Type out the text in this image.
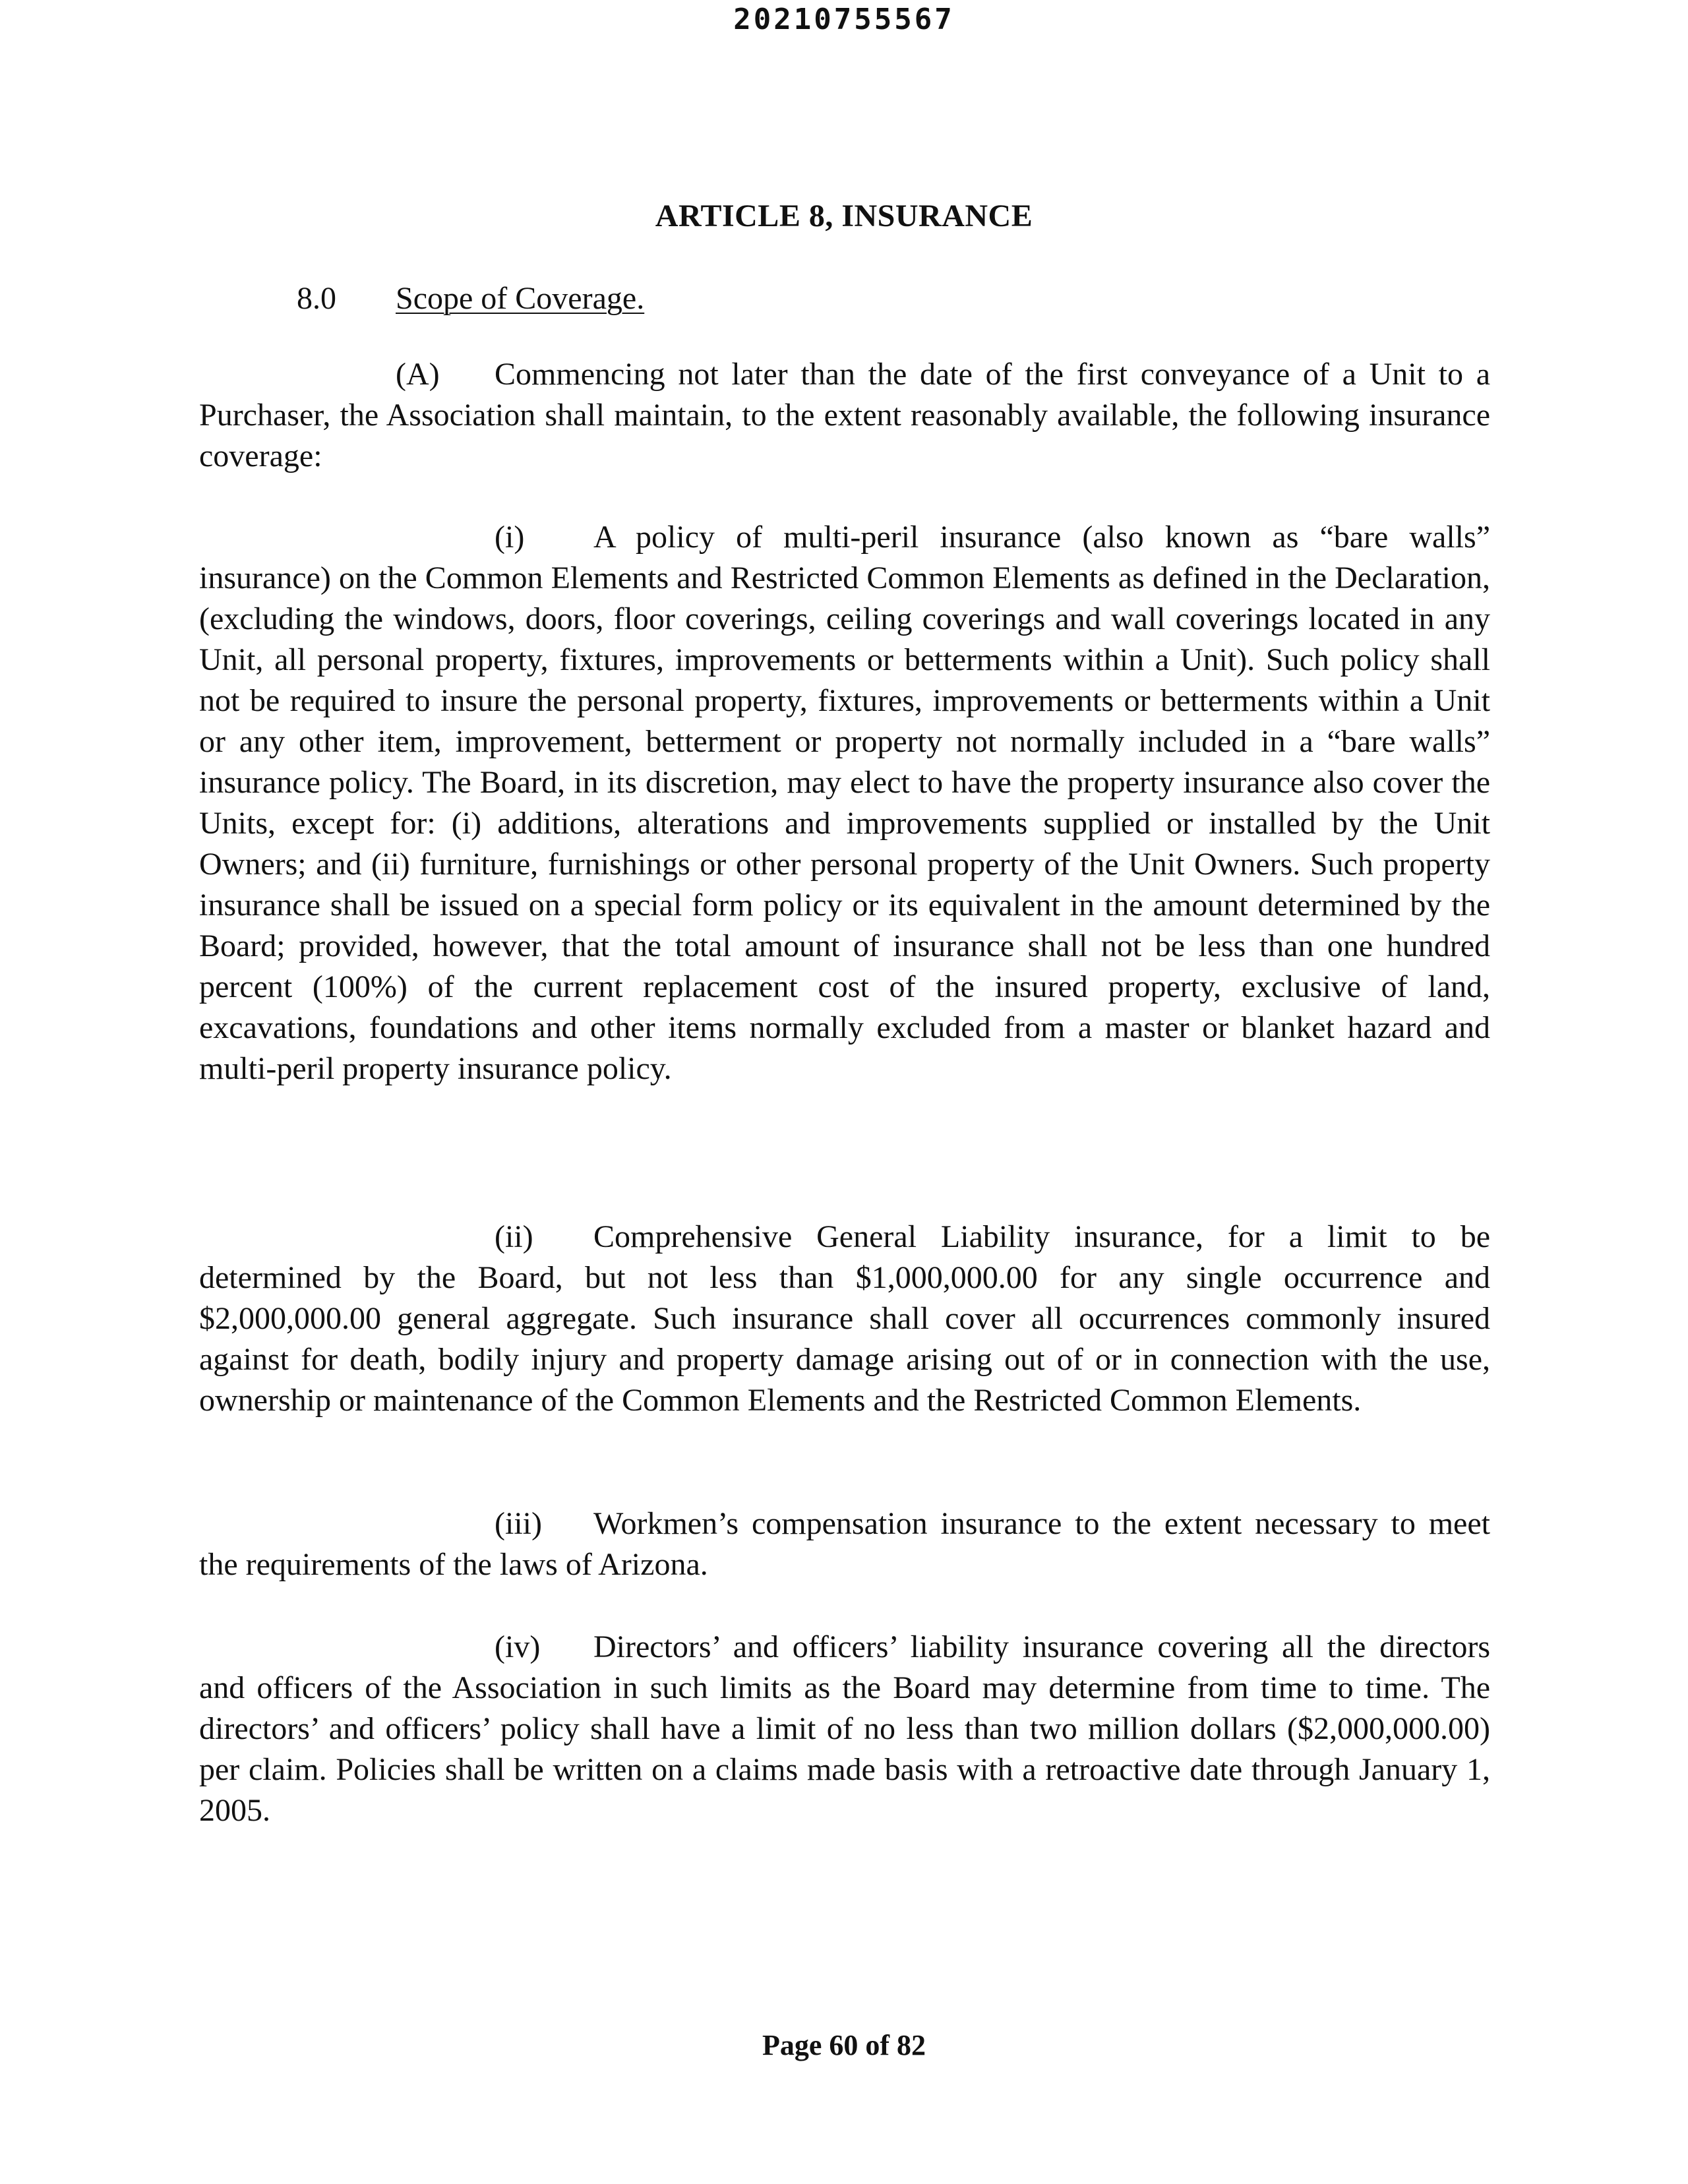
20210755567
ARTICLE 8, INSURANCE
8.0 Scope of Coverage.
(A) Commencing not later than the date of the first conveyance of a Unit to a Purchaser, the Association shall maintain, to the extent reasonably available, the following insurance coverage:
(i) A policy of multi-peril insurance (also known as “bare walls” insurance) on the Common Elements and Restricted Common Elements as defined in the Declaration, (excluding the windows, doors, floor coverings, ceiling coverings and wall coverings located in any Unit, all personal property, fixtures, improvements or betterments within a Unit). Such policy shall not be required to insure the personal property, fixtures, improvements or betterments within a Unit or any other item, improvement, betterment or property not normally included in a “bare walls” insurance policy. The Board, in its discretion, may elect to have the property insurance also cover the Units, except for: (i) additions, alterations and improvements supplied or installed by the Unit Owners; and (ii) furniture, furnishings or other personal property of the Unit Owners. Such property insurance shall be issued on a special form policy or its equivalent in the amount determined by the Board; provided, however, that the total amount of insurance shall not be less than one hundred percent (100%) of the current replacement cost of the insured property, exclusive of land, excavations, foundations and other items normally excluded from a master or blanket hazard and multi-peril property insurance policy.
(ii) Comprehensive General Liability insurance, for a limit to be determined by the Board, but not less than $1,000,000.00 for any single occurrence and $2,000,000.00 general aggregate. Such insurance shall cover all occurrences commonly insured against for death, bodily injury and property damage arising out of or in connection with the use, ownership or maintenance of the Common Elements and the Restricted Common Elements.
(iii) Workmen’s compensation insurance to the extent necessary to meet the requirements of the laws of Arizona.
(iv) Directors’ and officers’ liability insurance covering all the directors and officers of the Association in such limits as the Board may determine from time to time. The directors’ and officers’ policy shall have a limit of no less than two million dollars ($2,000,000.00) per claim. Policies shall be written on a claims made basis with a retroactive date through January 1, 2005.
Page 60 of 82
